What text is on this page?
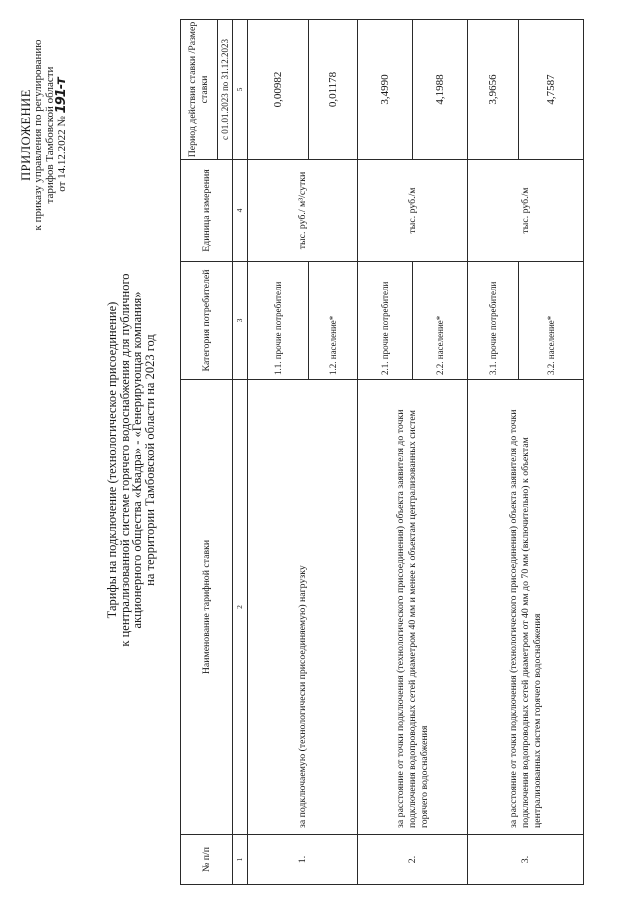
ПРИЛОЖЕНИЕ к приказу управления по регулированию тарифов Тамбовской области от 14.12.2022 № 191-т
Тарифы на подключение (технологическое присоединение)
к централизованной системе горячего водоснабжения для публичного
акционерного общества «Квадра» - «Генерирующая компания»
на территории Тамбовской области на 2023 год
№ п/п	Наименование тарифной ставки	Категория потребителей	Единица измерения	Период действия ставки /Размер ставки
				с 01.01.2023 по 31.12.2023
1	2	3	4	5
1.	за подключаемую (технологически присоединяемую) нагрузку	1.1. прочие потребители	тыс. руб./ м³/сутки	0,00982
		1.2. население*		0,01178
2.	за расстояние от точки подключения (технологического присоединения) объекта заявителя до точки подключения водопроводных сетей диаметром 40 мм и менее к объектам централизованных систем горячего водоснабжения	2.1. прочие потребители	тыс. руб./м	3,4990
		2.2. население*		4,1988
3.	за расстояние от точки подключения (технологического присоединения) объекта заявителя до точки подключения водопроводных сетей диаметром от 40 мм до 70 мм (включительно) к объектам централизованных систем горячего водоснабжения	3.1. прочие потребители	тыс. руб./м	3,9656
		3.2. население*		4,7587
